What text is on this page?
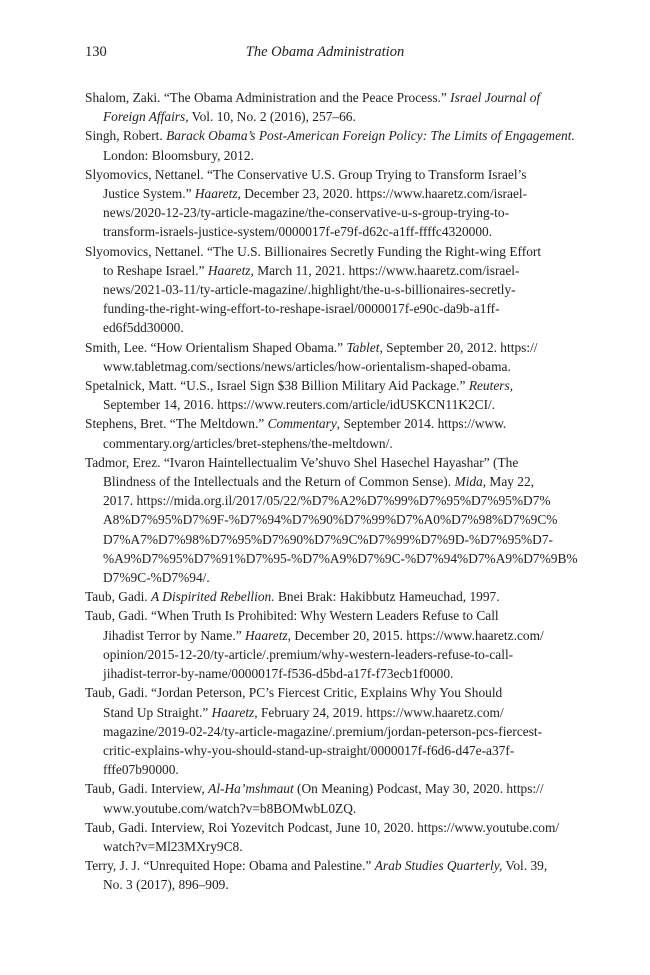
130	The Obama Administration
Shalom, Zaki. “The Obama Administration and the Peace Process.” Israel Journal of
Foreign Affairs, Vol. 10, No. 2 (2016), 257–66.
Singh, Robert. Barack Obama’s Post-American Foreign Policy: The Limits of Engagement.
London: Bloomsbury, 2012.
Slyomovics, Nettanel. “The Conservative U.S. Group Trying to Transform Israel’s
Justice System.” Haaretz, December 23, 2020. https://www.haaretz.com/israel-
news/2020-12-23/ty-article-magazine/the-conservative-u-s-group-trying-to-
transform-israels-justice-system/0000017f-e79f-d62c-a1ff-ffffc4320000.
Slyomovics, Nettanel. “The U.S. Billionaires Secretly Funding the Right-wing Effort
to Reshape Israel.” Haaretz, March 11, 2021. https://www.haaretz.com/israel-
news/2021-03-11/ty-article-magazine/.highlight/the-u-s-billionaires-secretly-
funding-the-right-wing-effort-to-reshape-israel/0000017f-e90c-da9b-a1ff-
ed6f5dd30000.
Smith, Lee. “How Orientalism Shaped Obama.” Tablet, September 20, 2012. https://
www.tabletmag.com/sections/news/articles/how-orientalism-shaped-obama.
Spetalnick, Matt. “U.S., Israel Sign $38 Billion Military Aid Package.” Reuters,
September 14, 2016. https://www.reuters.com/article/idUSKCN11K2CI/.
Stephens, Bret. “The Meltdown.” Commentary, September 2014. https://www.
commentary.org/articles/bret-stephens/the-meltdown/.
Tadmor, Erez. “Ivaron Haintellectualim Ve’shuvo Shel Hasechel Hayashar” (The
Blindness of the Intellectuals and the Return of Common Sense). Mida, May 22,
2017. https://mida.org.il/2017/05/22/%D7%A2%D7%99%D7%95%D7%95%D7%
A8%D7%95%D7%9F-%D7%94%D7%90%D7%99%D7%A0%D7%98%D7%9C%
D7%A7%D7%98%D7%95%D7%90%D7%9C%D7%99%D7%9D-%D7%95%D7-
%A9%D7%95%D7%91%D7%95-%D7%A9%D7%9C-%D7%94%D7%A9%D7%9B%
D7%9C-%D7%94/.
Taub, Gadi. A Dispirited Rebellion. Bnei Brak: Hakibbutz Hameuchad, 1997.
Taub, Gadi. “When Truth Is Prohibited: Why Western Leaders Refuse to Call
Jihadist Terror by Name.” Haaretz, December 20, 2015. https://www.haaretz.com/
opinion/2015-12-20/ty-article/.premium/why-western-leaders-refuse-to-call-
jihadist-terror-by-name/0000017f-f536-d5bd-a17f-f73ecb1f0000.
Taub, Gadi. “Jordan Peterson, PC’s Fiercest Critic, Explains Why You Should
Stand Up Straight.” Haaretz, February 24, 2019. https://www.haaretz.com/
magazine/2019-02-24/ty-article-magazine/.premium/jordan-peterson-pcs-fiercest-
critic-explains-why-you-should-stand-up-straight/0000017f-f6d6-d47e-a37f-
fffe07b90000.
Taub, Gadi. Interview, Al-Ha’mshmaut (On Meaning) Podcast, May 30, 2020. https://
www.youtube.com/watch?v=b8BOMwbL0ZQ.
Taub, Gadi. Interview, Roi Yozevitch Podcast, June 10, 2020. https://www.youtube.com/
watch?v=Ml23MXry9C8.
Terry, J. J. “Unrequited Hope: Obama and Palestine.” Arab Studies Quarterly, Vol. 39,
No. 3 (2017), 896–909.
